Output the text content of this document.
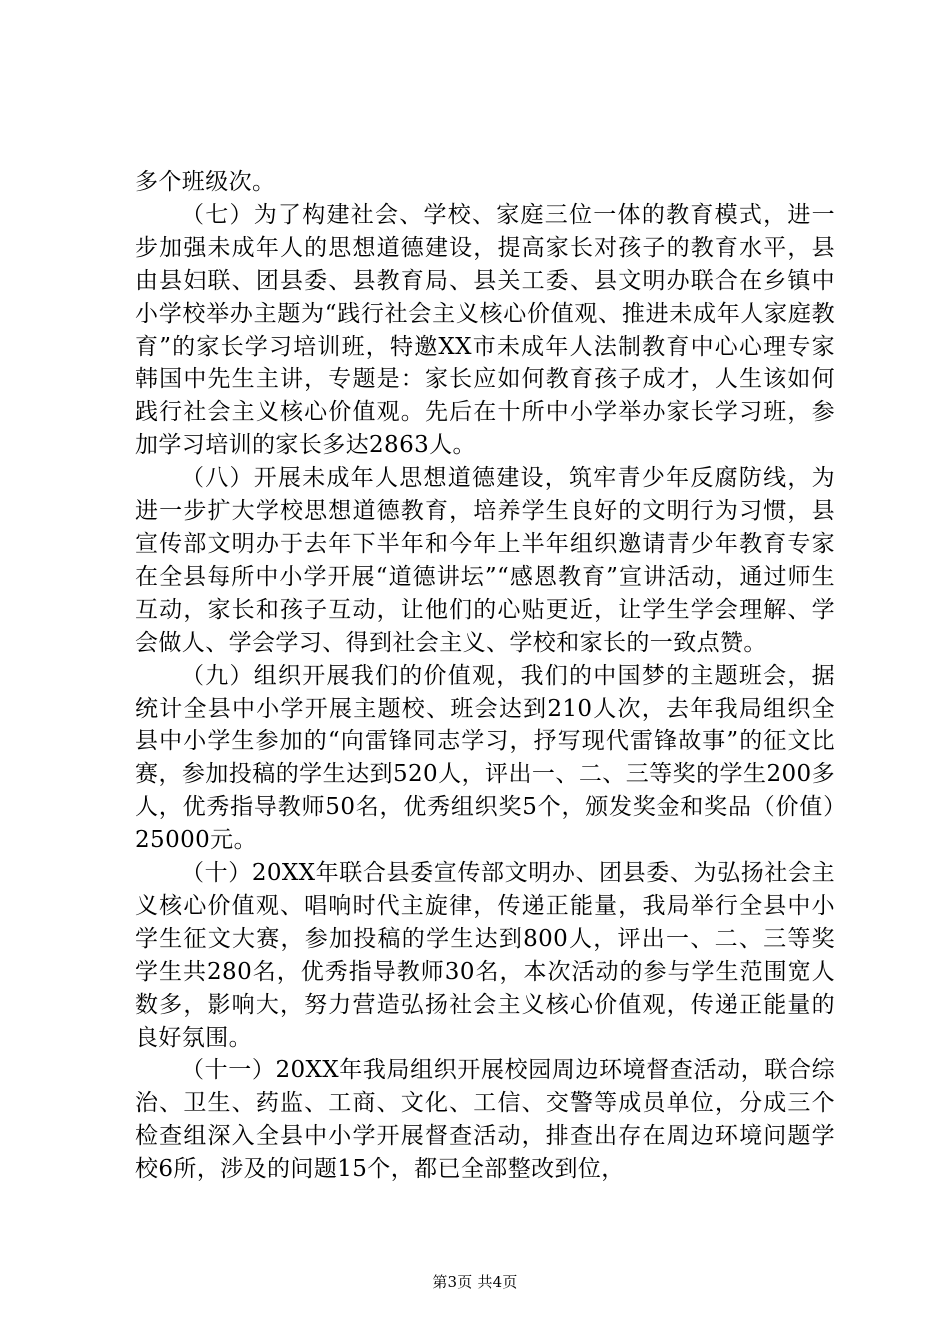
多个班级次。

（七）为了构建社会、学校、家庭三位一体的教育模式，进一步加强未成年人的思想道德建设，提高家长对孩子的教育水平，县由县妇联、团县委、县教育局、县关工委、县文明办联合在乡镇中小学校举办主题为“践行社会主义核心价值观、推进未成年人家庭教育”的家长学习培训班，特邀XX市未成年人法制教育中心心理专家韩国中先生主讲，专题是：家长应如何教育孩子成才，人生该如何践行社会主义核心价值观。先后在十所中小学举办家长学习班，参加学习培训的家长多达2863人。

（八）开展未成年人思想道德建设，筑牢青少年反腐防线，为进一步扩大学校思想道德教育，培养学生良好的文明行为习惯，县宣传部文明办于去年下半年和今年上半年组织邀请青少年教育专家在全县每所中小学开展“道德讲坛”“感恩教育”宣讲活动，通过师生互动，家长和孩子互动，让他们的心贴更近，让学生学会理解、学会做人、学会学习、得到社会主义、学校和家长的一致点赞。

（九）组织开展我们的价值观，我们的中国梦的主题班会，据统计全县中小学开展主题校、班会达到210人次，去年我局组织全县中小学生参加的“向雷锋同志学习，抒写现代雷锋故事”的征文比赛，参加投稿的学生达到520人，评出一、二、三等奖的学生200多人，优秀指导教师50名，优秀组织奖5个，颁发奖金和奖品（价值）25000元。

（十）20XX年联合县委宣传部文明办、团县委、为弘扬社会主义核心价值观、唱响时代主旋律，传递正能量，我局举行全县中小学生征文大赛，参加投稿的学生达到800人，评出一、二、三等奖学生共280名，优秀指导教师30名，本次活动的参与学生范围宽人数多，影响大，努力营造弘扬社会主义核心价值观，传递正能量的良好氛围。

（十一）20XX年我局组织开展校园周边环境督查活动，联合综治、卫生、药监、工商、文化、工信、交警等成员单位，分成三个检查组深入全县中小学开展督查活动，排查出存在周边环境问题学校6所，涉及的问题15个，都已全部整改到位，

第3页 共4页
